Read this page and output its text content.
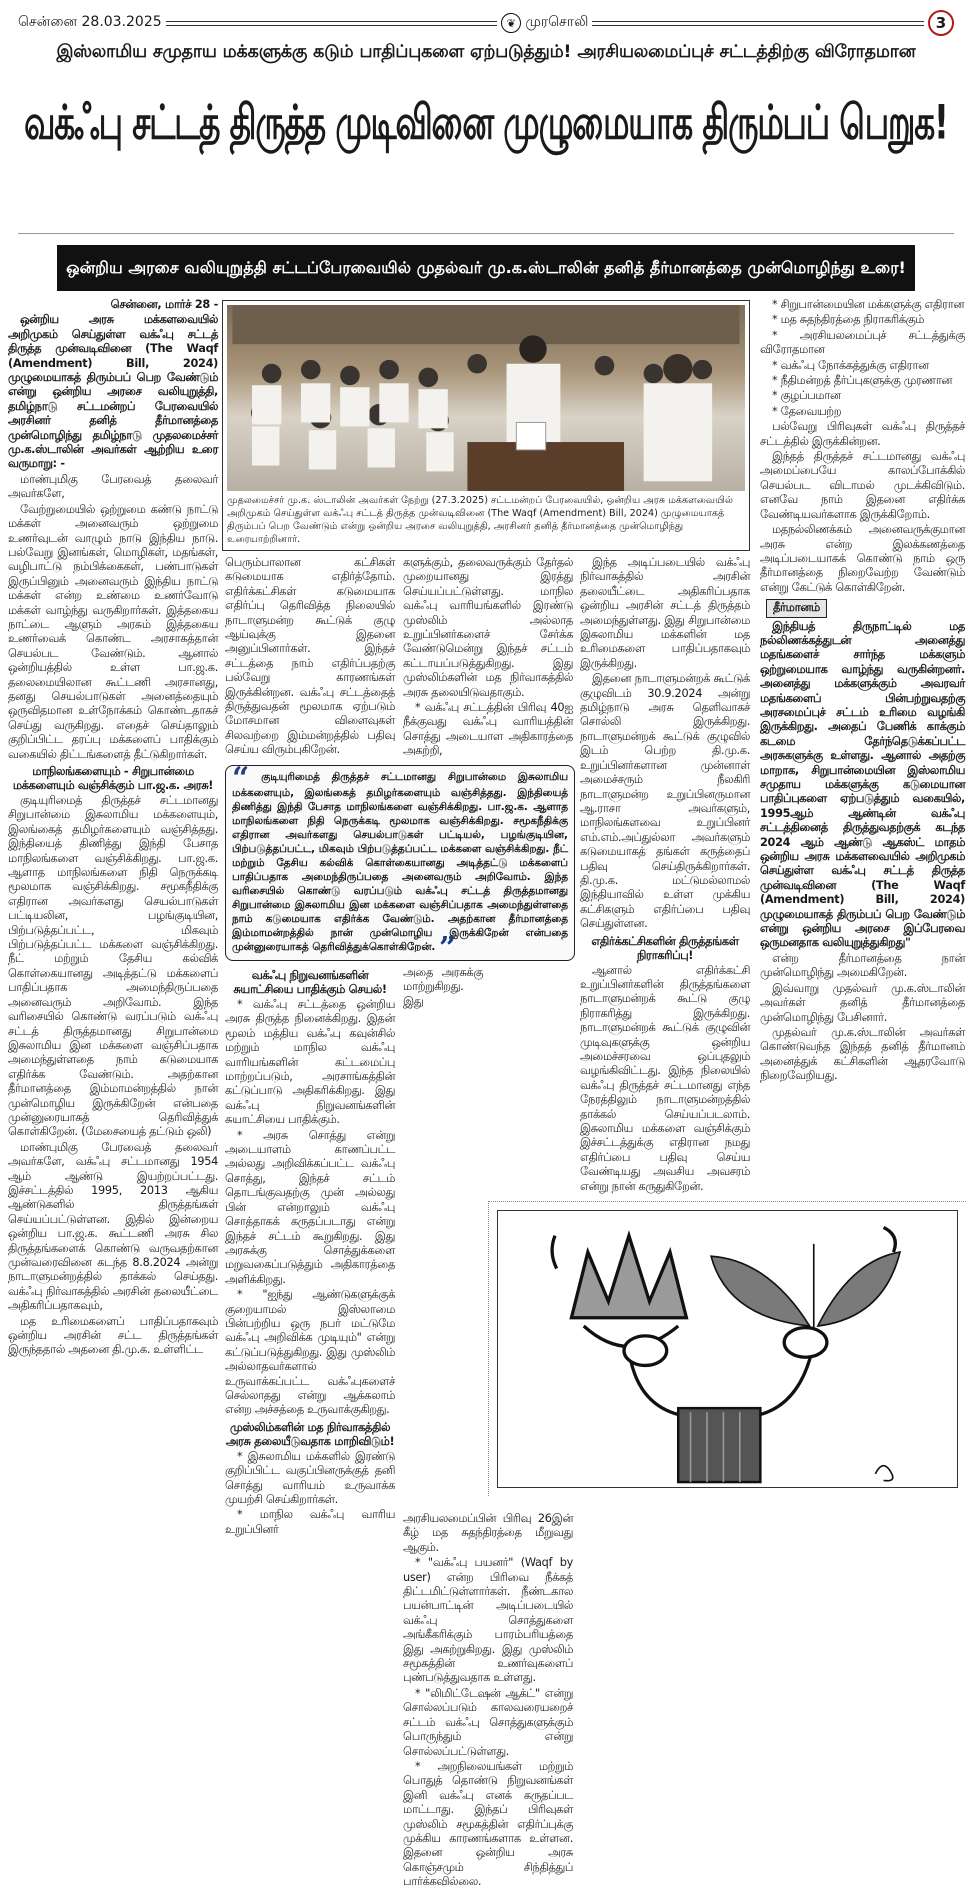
சென்னை 28.03.2025	❦ முரசொலி	3
இஸ்லாமிய சமுதாய மக்களுக்கு கடும் பாதிப்புகளை ஏற்படுத்தும்! அரசியலமைப்புச் சட்டத்திற்கு விரோதமான
வக்ஃபு சட்டத் திருத்த முடிவினை முழுமையாக திரும்பப் பெறுக!
ஒன்றிய அரசை வலியுறுத்தி சட்டப்பேரவையில் முதல்வர் மு.க.ஸ்டாலின் தனித் தீர்மானத்தை முன்மொழிந்து உரை!

சென்னை, மார்ச் 28 -

ஒன்றிய அரசு மக்களவையில் அறிமுகம் செய்துள்ள வக்ஃபு சட்டத் திருத்த முன்வடிவினை (The Waqf (Amendment) Bill, 2024) முழுமையாகத் திரும்பப் பெற வேண்டும் என்று ஒன்றிய அரசை வலியுறுத்தி, தமிழ்நாடு சட்டமன்றப் பேரவையில் அரசினர் தனித் தீர்மானத்தை முன்மொழிந்து தமிழ்நாடு முதலமைச்சர் மு.க.ஸ்டாலின் அவர்கள் ஆற்றிய உரை வருமாறு: -

மாண்புமிகு பேரவைத் தலைவர் அவர்களே,

வேற்றுமையில் ஒற்றுமை கண்டு நாட்டு மக்கள் அனைவரும் ஒற்றுமை உணர்வுடன் வாழும் நாடு இந்திய நாடு. பல்வேறு இனங்கள், மொழிகள், மதங்கள், வழிபாட்டு நம்பிக்கைகள், பண்பாடுகள் இருப்பினும் அனைவரும் இந்திய நாட்டு மக்கள் என்ற உண்மை உணர்வோடு மக்கள் வாழ்ந்து வருகிறார்கள். இத்தகைய நாட்டை ஆளும் அரசும் இத்தகைய உணர்வைக் கொண்ட அரசாகத்தான் செயல்பட வேண்டும். ஆனால் ஒன்றியத்தில் உள்ள பா.ஜ.க. தலைமையிலான கூட்டணி அரசானது, தனது செயல்பாடுகள் அனைத்தையும் ஒருவிதமான உள்நோக்கம் கொண்டதாகச் செய்து வருகிறது. எதைச் செய்தாலும் குறிப்பிட்ட தரப்பு மக்களைப் பாதிக்கும் வகையில் திட்டங்களைத் தீட்டுகிறார்கள்.

மாநிலங்களையும் - சிறுபான்மை மக்களையும் வஞ்சிக்கும் பா.ஜ.க. அரசு!

குடியுரிமைத் திருத்தச் சட்டமானது சிறுபான்மை இசுலாமிய மக்களையும், இலங்கைத் தமிழர்களையும் வஞ்சித்தது. இந்தியைத் திணித்து இந்தி பேசாத மாநிலங்களை வஞ்சிக்கிறது. பா.ஜ.க. ஆளாத மாநிலங்களை நிதி நெருக்கடி மூலமாக வஞ்சிக்கிறது. சமூகநீதிக்கு எதிரான அவர்களது செயல்பாடுகள் பட்டியலின, பழங்குடியின, பிற்படுத்தப்பட்ட, மிகவும் பிற்படுத்தப்பட்ட மக்களை வஞ்சிக்கிறது. நீட் மற்றும் தேசிய கல்விக் கொள்கையானது அடித்தட்டு மக்களைப் பாதிப்பதாக அமைந்திருப்பதை அனைவரும் அறிவோம். இந்த வரிசையில் கொண்டு வரப்படும் வக்ஃபு சட்டத் திருத்தமானது சிறுபான்மை இசுலாமிய இன மக்களை வஞ்சிப்பதாக அமைந்துள்ளதை நாம் கடுமையாக எதிர்க்க வேண்டும். அதற்கான தீர்மானத்தை இம்மாமன்றத்தில் நான் முன்மொழிய இருக்கிறேன் என்பதை முன்னுரையாகத் தெரிவித்துக் கொள்கிறேன். (மேசையைத் தட்டும் ஒலி)

மாண்புமிகு பேரவைத் தலைவர் அவர்களே, வக்ஃபு சட்டமானது 1954 ஆம் ஆண்டு இயற்றப்பட்டது. இச்சட்டத்தில் 1995, 2013 ஆகிய ஆண்டுகளில் திருத்தங்கள் செய்யப்பட்டுள்ளன. இதில் இன்றைய ஒன்றிய பா.ஜ.க. கூட்டணி அரசு சில திருத்தங்களைக் கொண்டு வருவதற்கான முன்வரைவினை கடந்த 8.8.2024 அன்று நாடாளுமன்றத்தில் தாக்கல் செய்தது. வக்ஃபு நிர்வாகத்தில் அரசின் தலையீட்டை அதிகரிப்பதாகவும்,

மத உரிமைகளைப் பாதிப்பதாகவும் ஒன்றிய அரசின் சட்ட திருத்தங்கள் இருந்ததால் அதனை தி.மு.க. உள்ளிட்ட

முதலமைச்சர் மு.க. ஸ்டாலின் அவர்கள் நேற்று (27.3.2025) சட்டமன்றப் பேரவையில், ஒன்றிய அரசு மக்களவையில் அறிமுகம் செய்துள்ள வக்ஃபு சட்டத் திருத்த முன்வடிவினை (The Waqf (Amendment) Bill, 2024) முழுமையாகத் திரும்பப் பெற வேண்டும் என்று ஒன்றிய அரசை வலியுறுத்தி, அரசினர் தனித் தீர்மானத்தை முன்மொழிந்து உரையாற்றினார்.

பெரும்பாலான கட்சிகள் கடுமையாக எதிர்த்தோம். எதிர்க்கட்சிகள் கடுமையாக எதிர்ப்பு தெரிவித்த நிலையில் நாடாளுமன்ற கூட்டுக் குழு ஆய்வுக்கு இதனை அனுப்பினார்கள். இந்தச் சட்டத்தை நாம் எதிர்ப்பதற்கு பல்வேறு காரணங்கள் இருக்கின்றன. வக்ஃபு சட்டத்தைத் திருத்துவதன் மூலமாக ஏற்படும் மோசமான விளைவுகள் சிலவற்றை இம்மன்றத்தில் பதிவு செய்ய விரும்புகிறேன்.

களுக்கும், தலைவருக்கும் தேர்தல் முறையானது இரத்து செய்யப்பட்டுள்ளது. மாநில வக்ஃபு வாரியங்களில் இரண்டு முஸ்லிம் அல்லாத உறுப்பினர்களைச் சேர்க்க வேண்டுமென்று இந்தச் சட்டம் கட்டாயப்படுத்துகிறது. இது முஸ்லிம்களின் மத நிர்வாகத்தில் அரசு தலையிடுவதாகும்.

* வக்ஃபு சட்டத்தின் பிரிவு 40ஐ நீக்குவது வக்ஃபு வாரியத்தின் சொத்து அடையாள அதிகாரத்தை அகற்றி,

இந்த அடிப்படையில் வக்ஃபு நிர்வாகத்தில் அரசின் தலையீட்டை அதிகரிப்பதாக ஒன்றிய அரசின் சட்டத் திருத்தம் அமைந்துள்ளது. இது சிறுபான்மை இசுலாமிய மக்களின் மத உரிமைகளை பாதிப்பதாகவும் இருக்கிறது.

இதனை நாடாளுமன்றக் கூட்டுக் குழுவிடம் 30.9.2024 அன்று தமிழ்நாடு அரசு தெளிவாகச் சொல்லி இருக்கிறது. நாடாளுமன்றக் கூட்டுக் குழுவில் இடம் பெற்ற தி.மு.க. உறுப்பினர்களான முன்னாள் அமைச்சரும் நீலகிரி நாடாளுமன்ற உறுப்பினருமான ஆ.ராசா அவர்களும், மாநிலங்களவை உறுப்பினர் எம்.எம்.அப்துல்லா அவர்களும் கடுமையாகத் தங்கள் கருத்தைப் பதிவு செய்திருக்கிறார்கள். தி.மு.க. மட்டுமல்லாமல் இந்தியாவில் உள்ள முக்கிய கட்சிகளும் எதிர்ப்பை பதிவு செய்துள்ளன.

எதிர்க்கட்சிகளின் திருத்தங்கள் நிராகரிப்பு!

ஆனால் எதிர்க்கட்சி உறுப்பினர்களின் திருத்தங்களை நாடாளுமன்றக் கூட்டு குழு நிராகரித்து இருக்கிறது. நாடாளுமன்றக் கூட்டுக் குழுவின் முடிவுகளுக்கு ஒன்றிய அமைச்சரவை ஒப்புதலும் வழங்கிவிட்டது. இந்த நிலையில் வக்ஃபு திருத்தச் சட்டமானது எந்த நேரத்திலும் நாடாளுமன்றத்தில் தாக்கல் செய்யப்படலாம். இசுலாமிய மக்களை வஞ்சிக்கும் இச்சட்டத்துக்கு எதிரான நமது எதிர்ப்பை பதிவு செய்ய வேண்டியது அவசிய அவசரம் என்று நான் கருதுகிறேன்.

“ குடியுரிமைத் திருத்தச் சட்டமானது சிறுபான்மை இசுலாமிய மக்களையும், இலங்கைத் தமிழர்களையும் வஞ்சித்தது. இந்தியைத் திணித்து இந்தி பேசாத மாநிலங்களை வஞ்சிக்கிறது. பா.ஜ.க. ஆளாத மாநிலங்களை நிதி நெருக்கடி மூலமாக வஞ்சிக்கிறது. சமூகநீதிக்கு எதிரான அவர்களது செயல்பாடுகள் பட்டியல், பழங்குடியின, பிற்படுத்தப்பட்ட, மிகவும் பிற்படுத்தப்பட்ட மக்களை வஞ்சிக்கிறது. நீட் மற்றும் தேசிய கல்விக் கொள்கையானது அடித்தட்டு மக்களைப் பாதிப்பதாக அமைந்திருப்பதை அனைவரும் அறிவோம். இந்த வரிசையில் கொண்டு வரப்படும் வக்ஃபு சட்டத் திருத்தமானது சிறுபான்மை இசுலாமிய இன மக்களை வஞ்சிப்பதாக அமைந்துள்ளதை நாம் கடுமையாக எதிர்க்க வேண்டும். அதற்கான தீர்மானத்தை இம்மாமன்றத்தில் நான் முன்மொழிய இருக்கிறேன் என்பதை முன்னுரையாகத் தெரிவித்துக்கொள்கிறேன். ”

வக்ஃபு நிறுவனங்களின் சுயாட்சியை பாதிக்கும் செயல்!

* வக்ஃபு சட்டத்தை ஒன்றிய அரசு திருத்த நினைக்கிறது. இதன் மூலம் மத்திய வக்ஃபு கவுன்சில் மற்றும் மாநில வக்ஃபு வாரியங்களின் கட்டமைப்பு மாற்றப்படும், அரசாங்கத்தின் கட்டுப்பாடு அதிகரிக்கிறது. இது வக்ஃபு நிறுவனங்களின் சுயாட்சியை பாதிக்கும்.

* அரசு சொத்து என்று அடையாளம் காணப்பட்ட அல்லது அறிவிக்கப்பட்ட வக்ஃபு சொத்து, இந்தச் சட்டம் தொடங்குவதற்கு முன் அல்லது பின் என்றாலும் வக்ஃபு சொத்தாகக் கருதப்படாது என்று இந்தச் சட்டம் கூறுகிறது. இது அரசுக்கு சொத்துக்களை மறுவகைப்படுத்தும் அதிகாரத்தை அளிக்கிறது.

* "ஐந்து ஆண்டுகளுக்குக் குறையாமல் இஸ்லாமை பின்பற்றிய ஒரு நபர் மட்டுமே வக்ஃபு அறிவிக்க முடியும்" என்று கட்டுப்படுத்துகிறது. இது முஸ்லிம் அல்லாதவர்களால் உருவாக்கப்பட்ட வக்ஃபுகளைச் செல்லாதது என்று ஆக்கலாம் என்ற அச்சத்தை உருவாக்குகிறது.

முஸ்லிம்களின் மத நிர்வாகத்தில் அரசு தலையீடுவதாக மாறிவிடும்!

* இசுலாமிய மக்களில் இரண்டு குறிப்பிட்ட வகுப்பினருக்குத் தனி சொத்து வாரியம் உருவாக்க முயற்சி செய்கிறார்கள்.

* மாநில வக்ஃபு வாரிய உறுப்பினர்

அதை அரசுக்கு மாற்றுகிறது. இது அரசியலமைப்பின் பிரிவு 26இன் கீழ் மத சுதந்திரத்தை மீறுவது ஆகும்.

* "வக்ஃபு பயனர்" (Waqf by user) என்ற பிரிவை நீக்கத் திட்டமிட்டுள்ளார்கள். நீண்டகால பயன்பாட்டின் அடிப்படையில் வக்ஃபு சொத்துகளை அங்கீகரிக்கும் பாரம்பரியத்தை இது அகற்றுகிறது. இது முஸ்லிம் சமூகத்தின் உணர்வுகளைப் புண்படுத்துவதாக உள்ளது.

* "லிமிட்டேஷன் ஆக்ட்" என்று சொல்லப்படும் காலவரையறைச் சட்டம் வக்ஃபு சொத்துகளுக்கும் பொருந்தும் என்று சொல்லப்பட்டுள்ளது.

* அறநிலையங்கள் மற்றும் பொதுத் தொண்டு நிறுவனங்கள் இனி வக்ஃபு எனக் கருதப்பட மாட்டாது. இந்தப் பிரிவுகள் முஸ்லிம் சமூகத்தின் எதிர்ப்புக்கு முக்கிய காரணங்களாக உள்ளன. இதனை ஒன்றிய அரசு கொஞ்சமும் சிந்தித்துப் பார்க்கவில்லை.

* சிறுபான்மையின மக்களுக்கு எதிரான

* மத சுதந்திரத்தை நிராகரிக்கும்

* அரசியலமைப்புச் சட்டத்துக்கு விரோதமான

* வக்ஃபு நோக்கத்துக்கு எதிரான

* நீதிமன்றத் தீர்ப்புகளுக்கு முரணான

* குழப்பமான

* தேவையற்ற

பல்வேறு பிரிவுகள் வக்ஃபு திருத்தச் சட்டத்தில் இருக்கின்றன.

இந்தத் திருத்தச் சட்டமானது வக்ஃபு அமைப்பையே காலப்போக்கில் செயல்பட விடாமல் முடக்கிவிடும். எனவே நாம் இதனை எதிர்க்க வேண்டியவர்களாக இருக்கிறோம்.

மதநல்லிணக்கம் அனைவருக்குமான அரசு என்ற இலக்கணத்தை அடிப்படையாகக் கொண்டு நாம் ஒரு தீர்மானத்தை நிறைவேற்ற வேண்டும் என்று கேட்டுக் கொள்கிறேன்.

தீர்மானம்

இந்தியத் திருநாட்டில் மத நல்லிணக்கத்துடன் அனைத்து மதங்களைச் சார்ந்த மக்களும் ஒற்றுமையாக வாழ்ந்து வருகின்றனர். அனைத்து மக்களுக்கும் அவரவர் மதங்களைப் பின்பற்றுவதற்கு அரசமைப்புச் சட்டம் உரிமை வழங்கி இருக்கிறது. அதைப் பேணிக் காக்கும் கடமை தேர்ந்தெடுக்கப்பட்ட அரசுகளுக்கு உள்ளது. ஆனால் அதற்கு மாறாக, சிறுபான்மையின இஸ்லாமிய சமுதாய மக்களுக்கு கடுமையான பாதிப்புகளை ஏற்படுத்தும் வகையில், 1995ஆம் ஆண்டின் வக்ஃபு சட்டத்தினைத் திருத்துவதற்குக் கடந்த 2024 ஆம் ஆண்டு ஆகஸ்ட் மாதம் ஒன்றிய அரசு மக்களவையில் அறிமுகம் செய்துள்ள வக்ஃபு சட்டத் திருத்த முன்வடிவினை (The Waqf (Amendment) Bill, 2024) முழுமையாகத் திரும்பப் பெற வேண்டும் என்று ஒன்றிய அரசை இப்பேரவை ஒருமனதாக வலியுறுத்துகிறது"

என்ற தீர்மானத்தை நான் முன்மொழிந்து அமைகிறேன்.

இவ்வாறு முதல்வர் மு.க.ஸ்டாலின் அவர்கள் தனித் தீர்மானத்தை முன்மொழிந்து பேசினார்.

முதல்வர் மு.க.ஸ்டாலின் அவர்கள் கொண்டுவந்த இந்தத் தனித் தீர்மானம் அனைத்துக் கட்சிகளின் ஆதரவோடு நிறைவேறியது.
